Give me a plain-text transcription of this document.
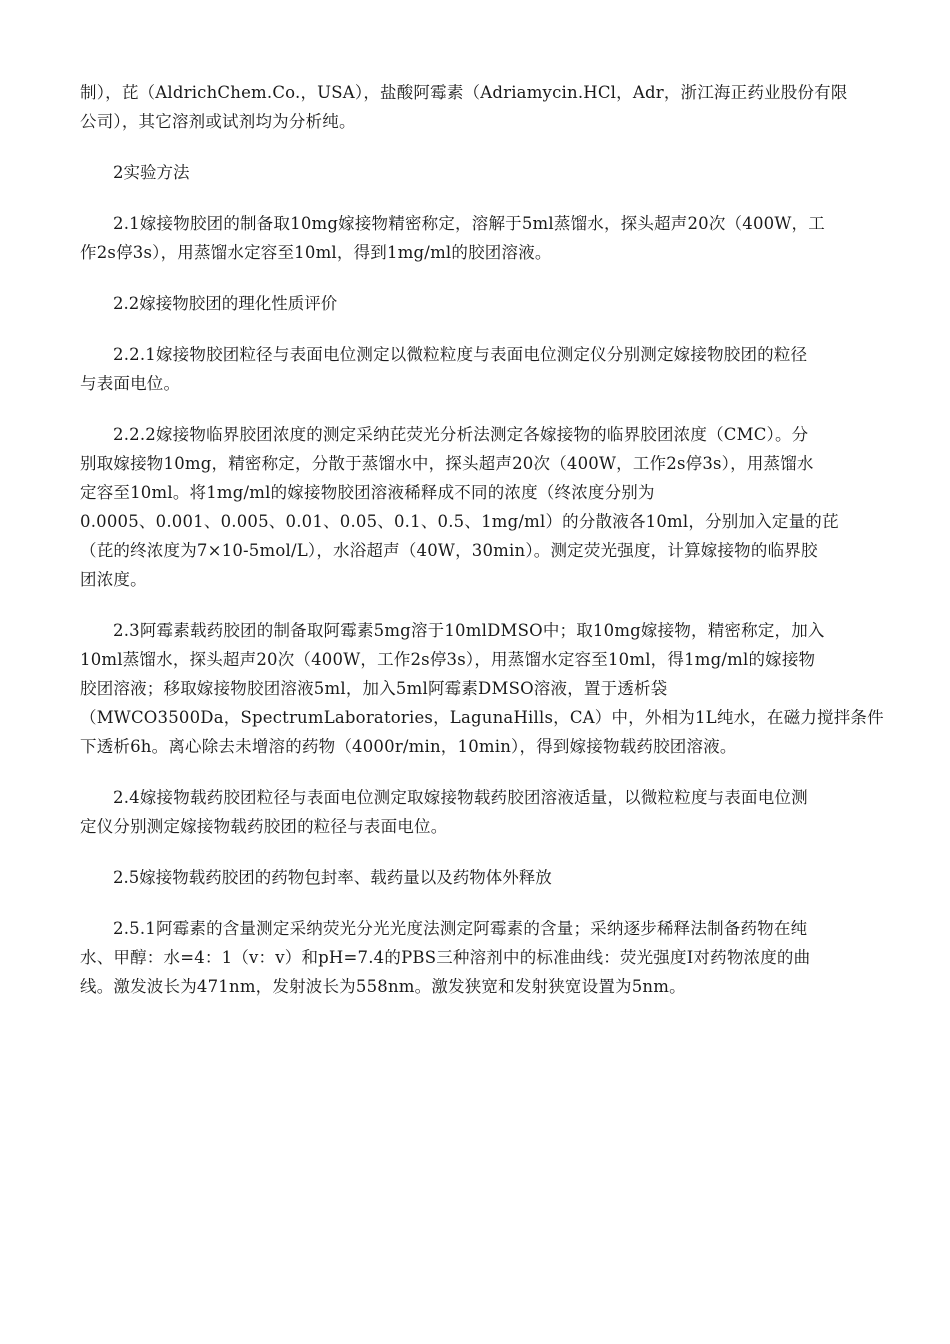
制），芘（AldrichChem.Co.，USA），盐酸阿霉素（Adriamycin.HCl，Adr，浙江海正药业股份有限
公司），其它溶剂或试剂均为分析纯。

2实验方法

2.1嫁接物胶团的制备取10mg嫁接物精密称定，溶解于5ml蒸馏水，探头超声20次（400W，工
作2s停3s），用蒸馏水定容至10ml，得到1mg/ml的胶团溶液。

2.2嫁接物胶团的理化性质评价

2.2.1嫁接物胶团粒径与表面电位测定以微粒粒度与表面电位测定仪分别测定嫁接物胶团的粒径
与表面电位。

2.2.2嫁接物临界胶团浓度的测定采纳芘荧光分析法测定各嫁接物的临界胶团浓度（CMC）。分
别取嫁接物10mg，精密称定，分散于蒸馏水中，探头超声20次（400W，工作2s停3s），用蒸馏水
定容至10ml。将1mg/ml的嫁接物胶团溶液稀释成不同的浓度（终浓度分别为
0.0005、0.001、0.005、0.01、0.05、0.1、0.5、1mg/ml）的分散液各10ml，分别加入定量的芘
（芘的终浓度为7×10-5mol/L），水浴超声（40W，30min）。测定荧光强度，计算嫁接物的临界胶
团浓度。

2.3阿霉素载药胶团的制备取阿霉素5mg溶于10mlDMSO中；取10mg嫁接物，精密称定，加入
10ml蒸馏水，探头超声20次（400W，工作2s停3s），用蒸馏水定容至10ml，得1mg/ml的嫁接物
胶团溶液；移取嫁接物胶团溶液5ml，加入5ml阿霉素DMSO溶液，置于透析袋
（MWCO3500Da，SpectrumLaboratories，LagunaHills，CA）中，外相为1L纯水，在磁力搅拌条件
下透析6h。离心除去未增溶的药物（4000r/min，10min），得到嫁接物载药胶团溶液。

2.4嫁接物载药胶团粒径与表面电位测定取嫁接物载药胶团溶液适量，以微粒粒度与表面电位测
定仪分别测定嫁接物载药胶团的粒径与表面电位。

2.5嫁接物载药胶团的药物包封率、载药量以及药物体外释放

2.5.1阿霉素的含量测定采纳荧光分光光度法测定阿霉素的含量；采纳逐步稀释法制备药物在纯
水、甲醇：水=4：1（v：v）和pH=7.4的PBS三种溶剂中的标准曲线：荧光强度I对药物浓度的曲
线。激发波长为471nm，发射波长为558nm。激发狭宽和发射狭宽设置为5nm。
